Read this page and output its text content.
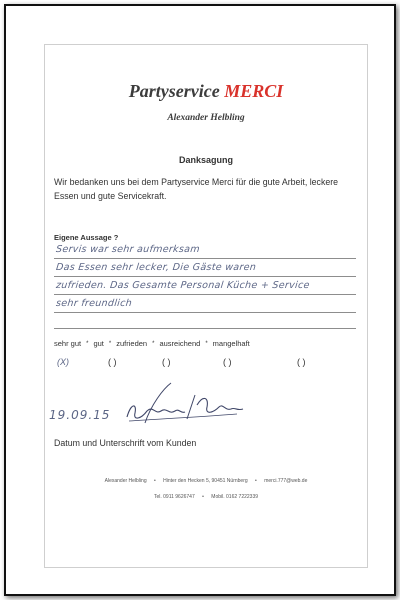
Partyservice MERCI
Alexander Helbling
Danksagung
Wir bedanken uns bei dem Partyservice Merci für die gute Arbeit, leckere Essen und gute Servicekraft.
Eigene Aussage ?
Servis war sehr aufmerksam
Das Essen sehr lecker, Die Gäste waren
zufrieden. Das Gesamte Personal Küche + Service
sehr freundlich
sehr gut * gut * zufrieden * ausreichend * mangelhaft
(X)	( )	( )	( )	( )
19.09.15
Datum und Unterschrift vom Kunden
Alexander Helbling • Hinter den Hecken 5, 90451 Nürnberg • merci.777@web.de
Tel. 0911 9626747 • Mobil. 0162 7222339
